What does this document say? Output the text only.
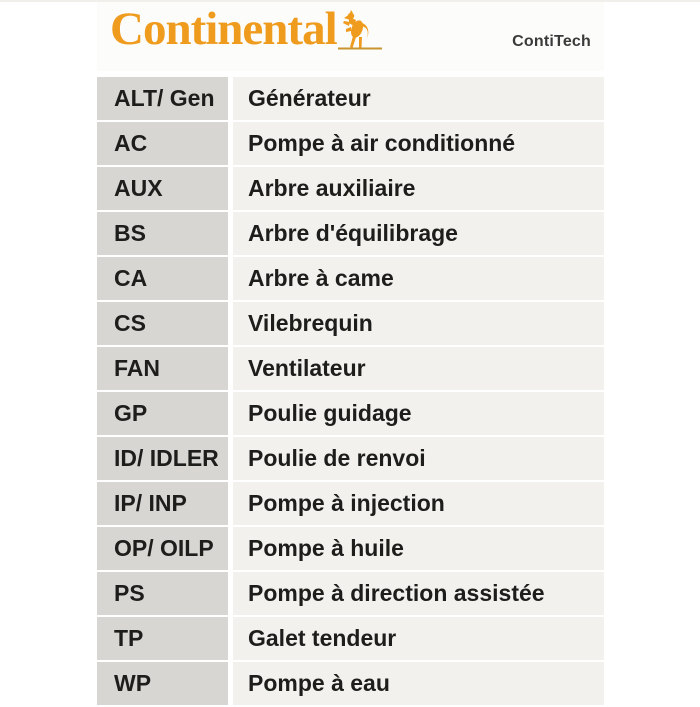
Continental	ContiTech
ALT/ Gen	Générateur
AC	Pompe à air conditionné
AUX	Arbre auxiliaire
BS	Arbre d'équilibrage
CA	Arbre à came
CS	Vilebrequin
FAN	Ventilateur
GP	Poulie guidage
ID/ IDLER	Poulie de renvoi
IP/ INP	Pompe à injection
OP/ OILP	Pompe à huile
PS	Pompe à direction assistée
TP	Galet tendeur
WP	Pompe à eau
